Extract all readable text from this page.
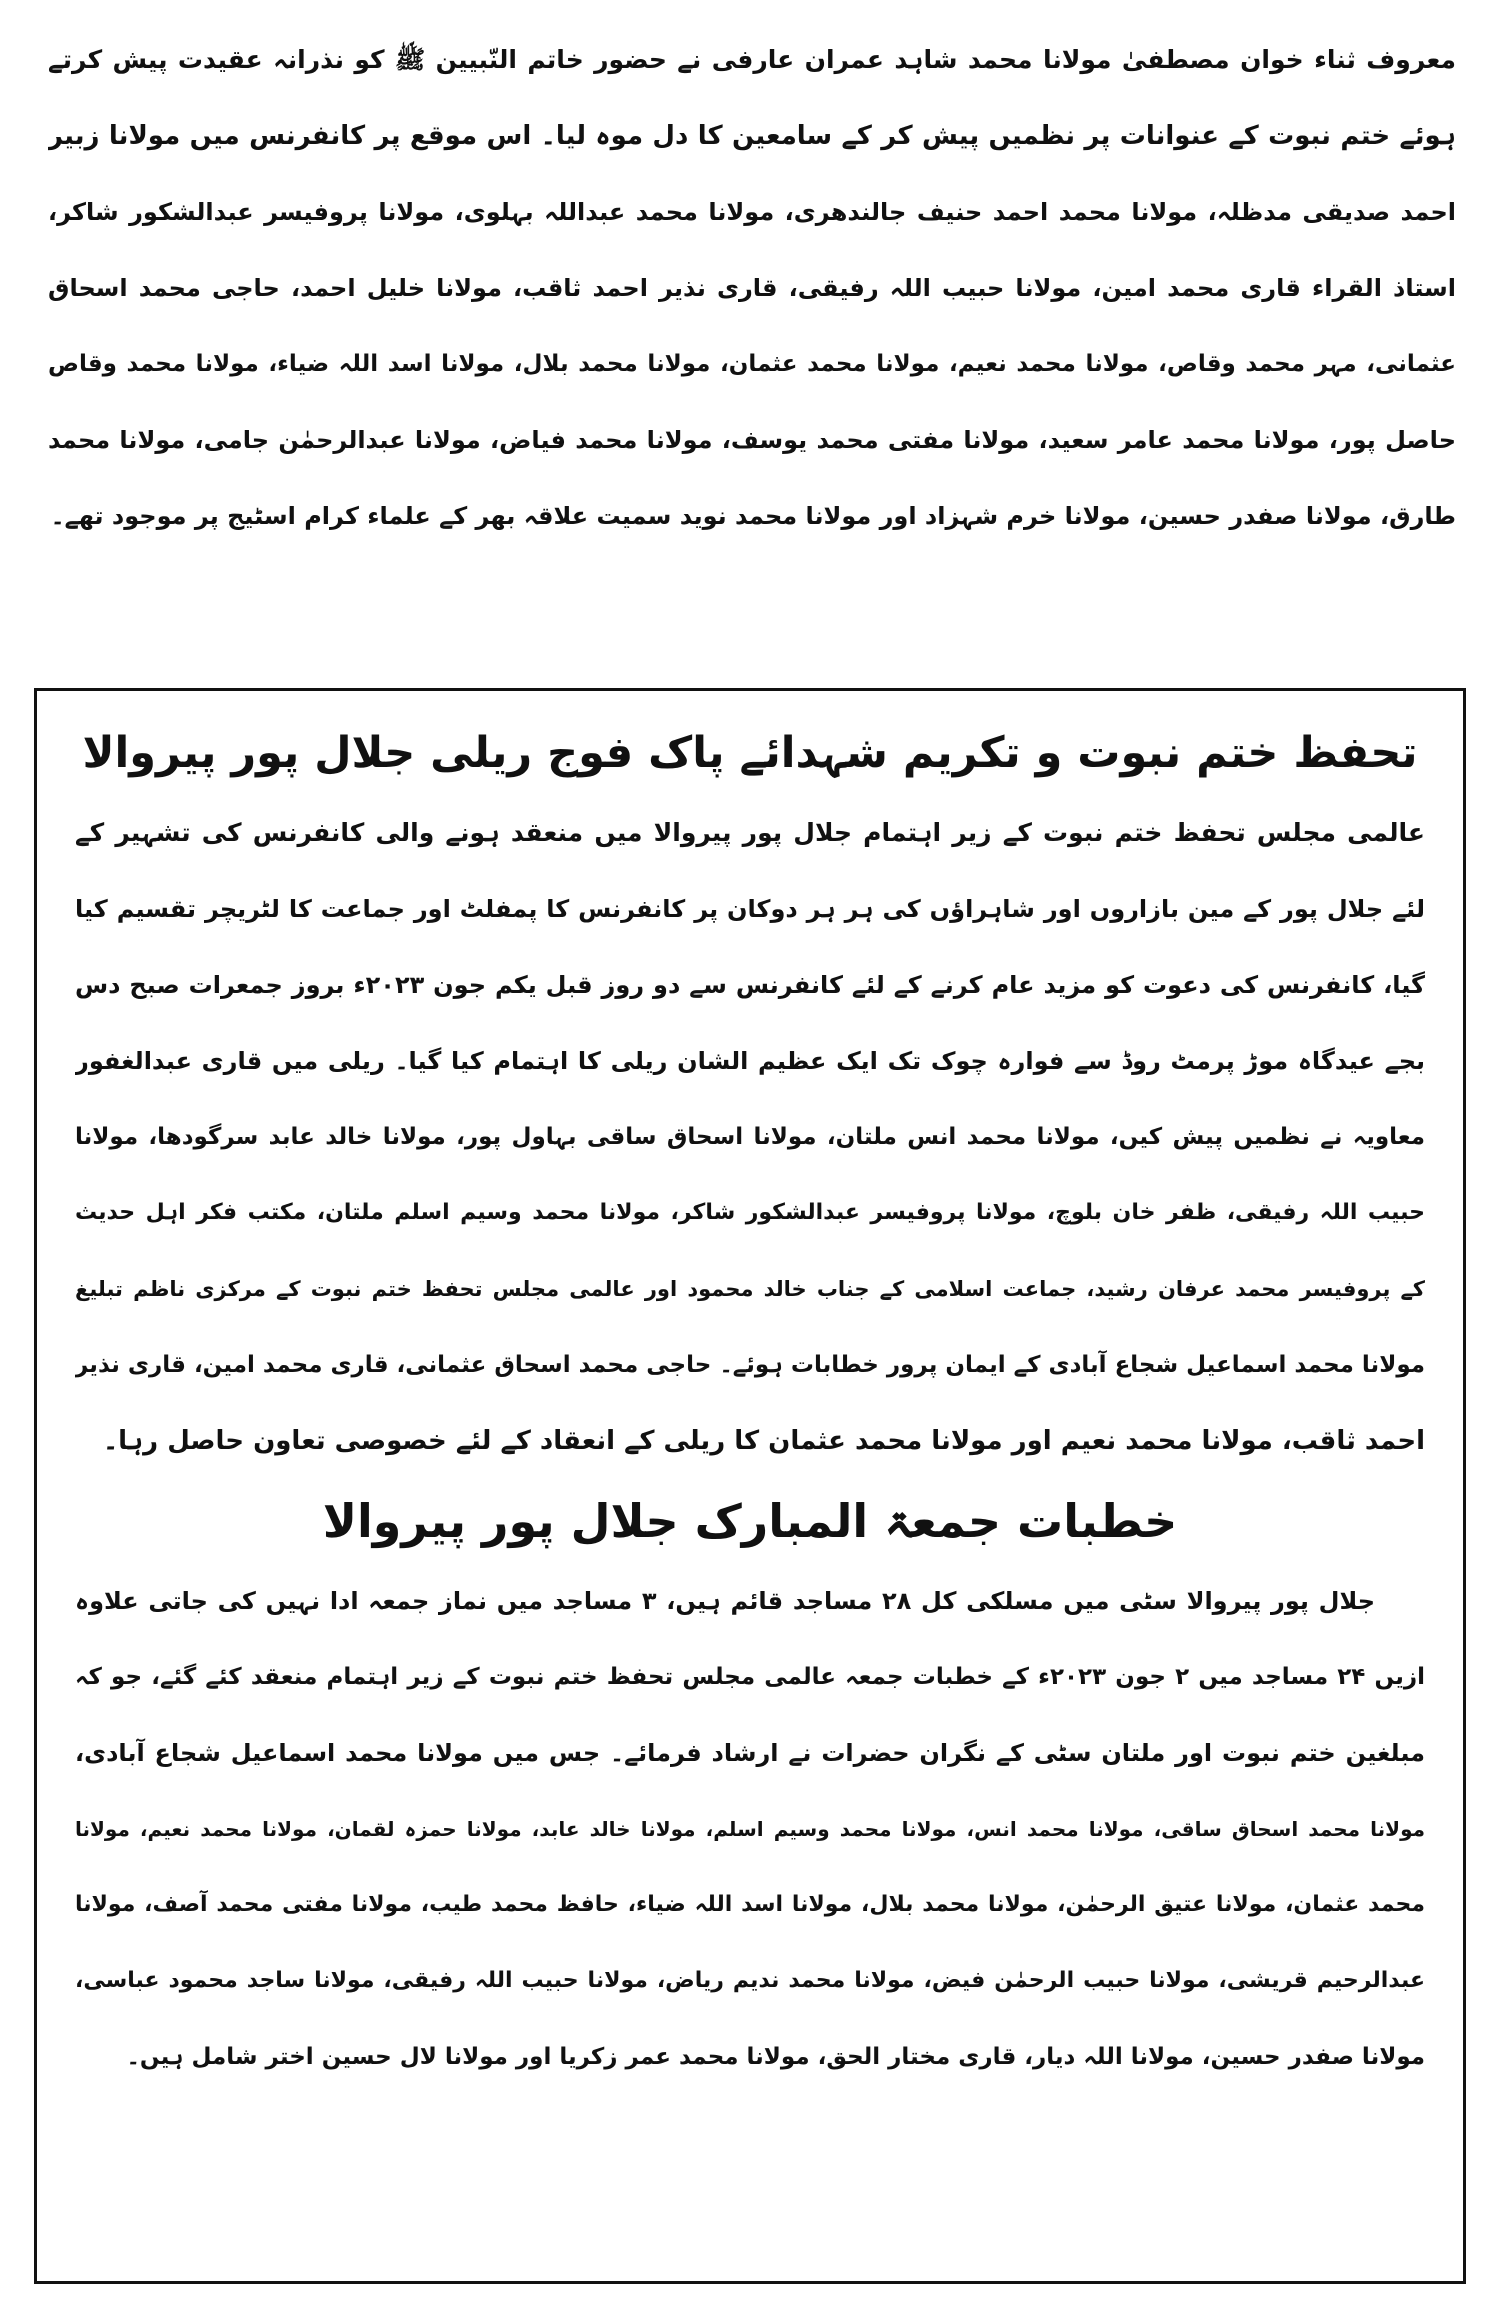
معروف ثناء خوان مصطفیٰ مولانا محمد شاہد عمران عارفی نے حضور خاتم النّبیین ﷺ کو نذرانہ عقیدت پیش کرتے
ہوئے ختم نبوت کے عنوانات پر نظمیں پیش کر کے سامعین کا دل موہ لیا۔ اس موقع پر کانفرنس میں مولانا زبیر
احمد صدیقی مدظلہ، مولانا محمد احمد حنیف جالندھری، مولانا محمد عبداللہ بہلوی، مولانا پروفیسر عبدالشکور شاکر،
استاذ القراء قاری محمد امین، مولانا حبیب اللہ رفیقی، قاری نذیر احمد ثاقب، مولانا خلیل احمد، حاجی محمد اسحاق
عثمانی، مہر محمد وقاص، مولانا محمد نعیم، مولانا محمد عثمان، مولانا محمد بلال، مولانا اسد اللہ ضیاء، مولانا محمد وقاص
حاصل پور، مولانا محمد عامر سعید، مولانا مفتی محمد یوسف، مولانا محمد فیاض، مولانا عبدالرحمٰن جامی، مولانا محمد
طارق، مولانا صفدر حسین، مولانا خرم شہزاد اور مولانا محمد نوید سمیت علاقہ بھر کے علماء کرام اسٹیج پر موجود تھے۔
تحفظ ختم نبوت و تکریم شہدائے پاک فوج ریلی جلال پور پیروالا
عالمی مجلس تحفظ ختم نبوت کے زیر اہتمام جلال پور پیروالا میں منعقد ہونے والی کانفرنس کی تشہیر کے
لئے جلال پور کے مین بازاروں اور شاہراؤں کی ہر ہر دوکان پر کانفرنس کا پمفلٹ اور جماعت کا لٹریچر تقسیم کیا
گیا، کانفرنس کی دعوت کو مزید عام کرنے کے لئے کانفرنس سے دو روز قبل یکم جون ۲۰۲۳ء بروز جمعرات صبح دس
بجے عیدگاہ موڑ پرمٹ روڈ سے فوارہ چوک تک ایک عظیم الشان ریلی کا اہتمام کیا گیا۔ ریلی میں قاری عبدالغفور
معاویہ نے نظمیں پیش کیں، مولانا محمد انس ملتان، مولانا اسحاق ساقی بہاول پور، مولانا خالد عابد سرگودھا، مولانا
حبیب اللہ رفیقی، ظفر خان بلوچ، مولانا پروفیسر عبدالشکور شاکر، مولانا محمد وسیم اسلم ملتان، مکتب فکر اہل حدیث
کے پروفیسر محمد عرفان رشید، جماعت اسلامی کے جناب خالد محمود اور عالمی مجلس تحفظ ختم نبوت کے مرکزی ناظم تبلیغ
مولانا محمد اسماعیل شجاع آبادی کے ایمان پرور خطابات ہوئے۔ حاجی محمد اسحاق عثمانی، قاری محمد امین، قاری نذیر
احمد ثاقب، مولانا محمد نعیم اور مولانا محمد عثمان کا ریلی کے انعقاد کے لئے خصوصی تعاون حاصل رہا۔
خطبات جمعۃ المبارک جلال پور پیروالا
جلال پور پیروالا سٹی میں مسلکی کل ۲۸ مساجد قائم ہیں، ۳ مساجد میں نماز جمعہ ادا نہیں کی جاتی علاوہ
ازیں ۲۴ مساجد میں ۲ جون ۲۰۲۳ء کے خطبات جمعہ عالمی مجلس تحفظ ختم نبوت کے زیر اہتمام منعقد کئے گئے، جو کہ
مبلغین ختم نبوت اور ملتان سٹی کے نگران حضرات نے ارشاد فرمائے۔ جس میں مولانا محمد اسماعیل شجاع آبادی،
مولانا محمد اسحاق ساقی، مولانا محمد انس، مولانا محمد وسیم اسلم، مولانا خالد عابد، مولانا حمزہ لقمان، مولانا محمد نعیم، مولانا
محمد عثمان، مولانا عتیق الرحمٰن، مولانا محمد بلال، مولانا اسد اللہ ضیاء، حافظ محمد طیب، مولانا مفتی محمد آصف، مولانا
عبدالرحیم قریشی، مولانا حبیب الرحمٰن فیض، مولانا محمد ندیم ریاض، مولانا حبیب اللہ رفیقی، مولانا ساجد محمود عباسی،
مولانا صفدر حسین، مولانا اللہ دیار، قاری مختار الحق، مولانا محمد عمر زکریا اور مولانا لال حسین اختر شامل ہیں۔
